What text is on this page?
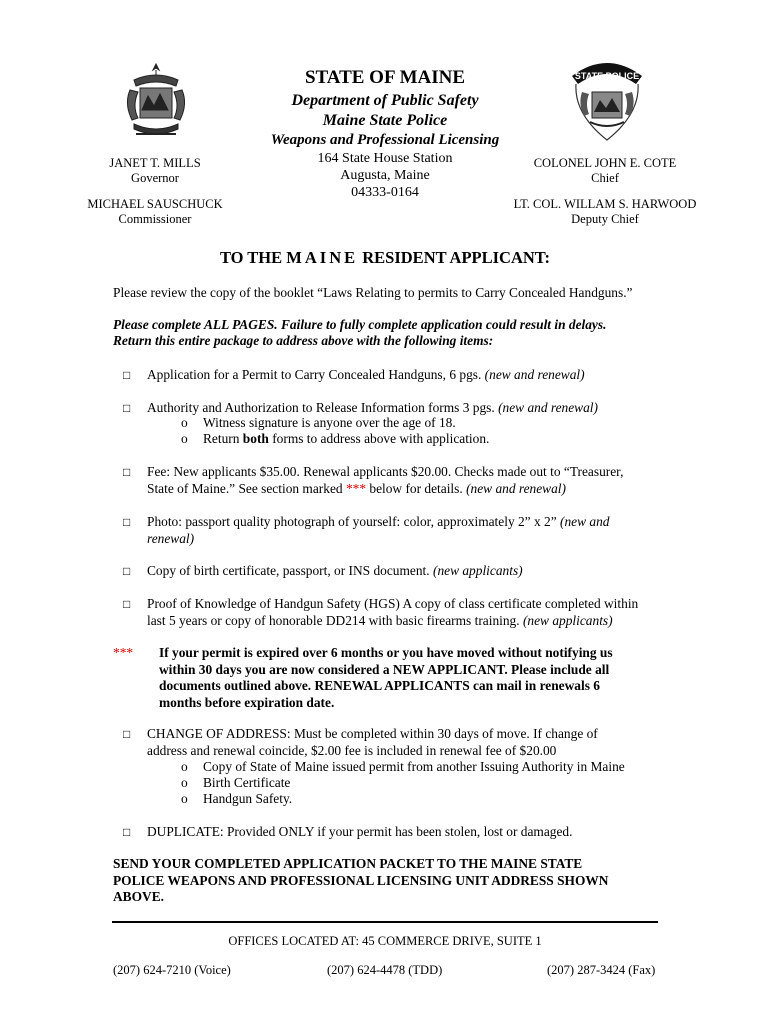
STATE POLICE
STATE OF MAINE
Department of Public Safety
Maine State Police
Weapons and Professional Licensing
164 State House Station
Augusta, Maine
04333-0164
JANET T. MILLS
Governor
MICHAEL SAUSCHUCK
Commissioner
COLONEL JOHN E. COTE
Chief
LT. COL. WILLAM S. HARWOOD
Deputy Chief
TO THE MAINE RESIDENT APPLICANT:
Please review the copy of the booklet “Laws Relating to permits to Carry Concealed Handguns.”
Please complete ALL PAGES. Failure to fully complete application could result in delays.
Return this entire package to address above with the following items:
□ Application for a Permit to Carry Concealed Handguns, 6 pgs. (new and renewal)
□ Authority and Authorization to Release Information forms 3 pgs. (new and renewal)
o Witness signature is anyone over the age of 18.
o Return both forms to address above with application.
□ Fee: New applicants $35.00. Renewal applicants $20.00. Checks made out to “Treasurer,
State of Maine.” See section marked *** below for details. (new and renewal)
□ Photo: passport quality photograph of yourself: color, approximately 2” x 2” (new and
renewal)
□ Copy of birth certificate, passport, or INS document. (new applicants)
□ Proof of Knowledge of Handgun Safety (HGS) A copy of class certificate completed within
last 5 years or copy of honorable DD214 with basic firearms training. (new applicants)
*** If your permit is expired over 6 months or you have moved without notifying us
within 30 days you are now considered a NEW APPLICANT. Please include all
documents outlined above. RENEWAL APPLICANTS can mail in renewals 6
months before expiration date.
□ CHANGE OF ADDRESS: Must be completed within 30 days of move. If change of
address and renewal coincide, $2.00 fee is included in renewal fee of $20.00
o Copy of State of Maine issued permit from another Issuing Authority in Maine
o Birth Certificate
o Handgun Safety.
□ DUPLICATE: Provided ONLY if your permit has been stolen, lost or damaged.
SEND YOUR COMPLETED APPLICATION PACKET TO THE MAINE STATE
POLICE WEAPONS AND PROFESSIONAL LICENSING UNIT ADDRESS SHOWN
ABOVE.
OFFICES LOCATED AT: 45 COMMERCE DRIVE, SUITE 1
(207) 624-7210 (Voice)	(207) 624-4478 (TDD)	(207) 287-3424 (Fax)
